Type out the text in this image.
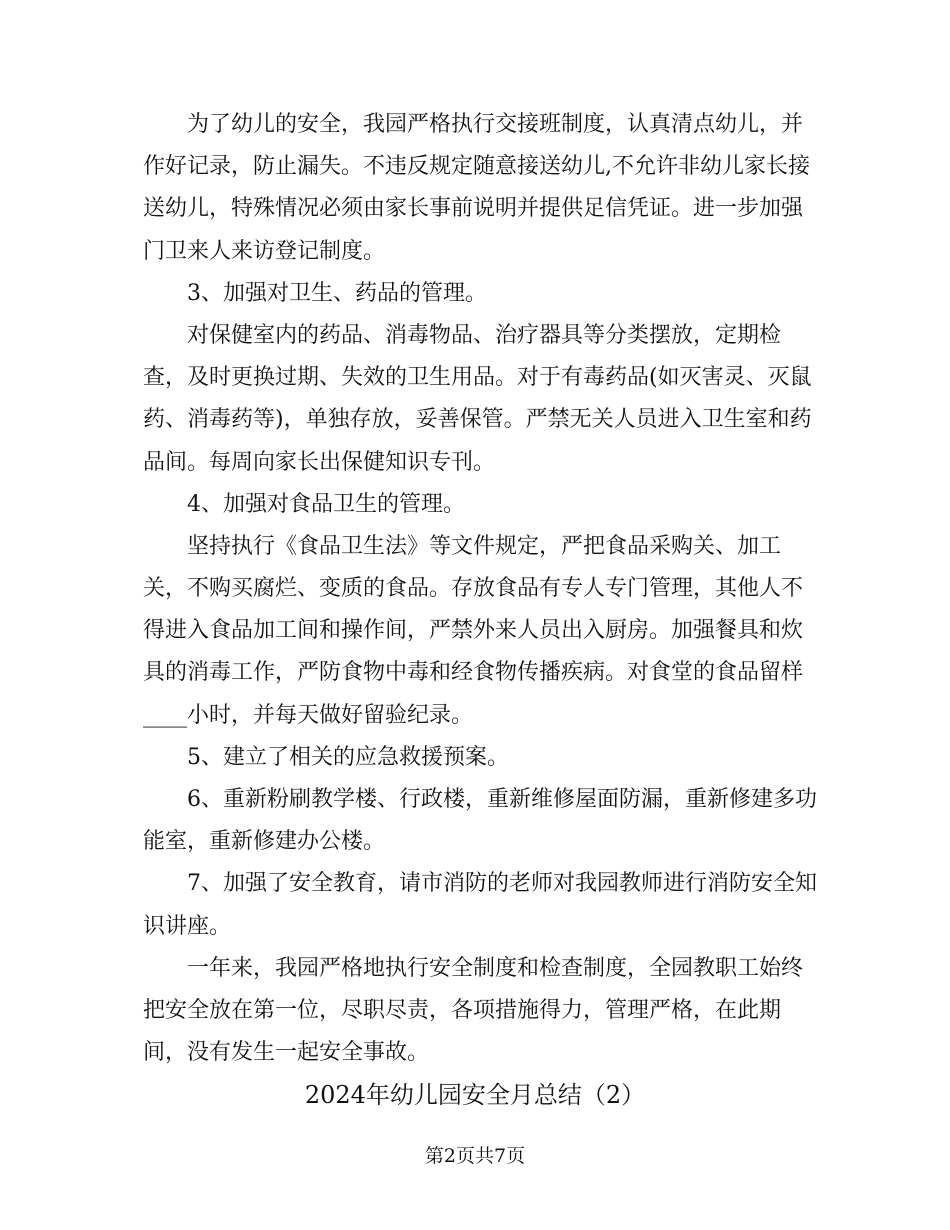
为了幼儿的安全，我园严格执行交接班制度，认真清点幼儿，并
作好记录，防止漏失。不违反规定随意接送幼儿,不允许非幼儿家长接
送幼儿，特殊情况必须由家长事前说明并提供足信凭证。进一步加强
门卫来人来访登记制度。
3、加强对卫生、药品的管理。
对保健室内的药品、消毒物品、治疗器具等分类摆放，定期检
查，及时更换过期、失效的卫生用品。对于有毒药品(如灭害灵、灭鼠
药、消毒药等)，单独存放，妥善保管。严禁无关人员进入卫生室和药
品间。每周向家长出保健知识专刊。
4、加强对食品卫生的管理。
坚持执行《食品卫生法》等文件规定，严把食品采购关、加工
关，不购买腐烂、变质的食品。存放食品有专人专门管理，其他人不
得进入食品加工间和操作间，严禁外来人员出入厨房。加强餐具和炊
具的消毒工作，严防食物中毒和经食物传播疾病。对食堂的食品留样
____小时，并每天做好留验纪录。
5、建立了相关的应急救援预案。
6、重新粉刷教学楼、行政楼，重新维修屋面防漏，重新修建多功
能室，重新修建办公楼。
7、加强了安全教育，请市消防的老师对我园教师进行消防安全知
识讲座。
一年来，我园严格地执行安全制度和检查制度，全园教职工始终
把安全放在第一位，尽职尽责，各项措施得力，管理严格，在此期
间，没有发生一起安全事故。
2024年幼儿园安全月总结（2）
第2页共7页
